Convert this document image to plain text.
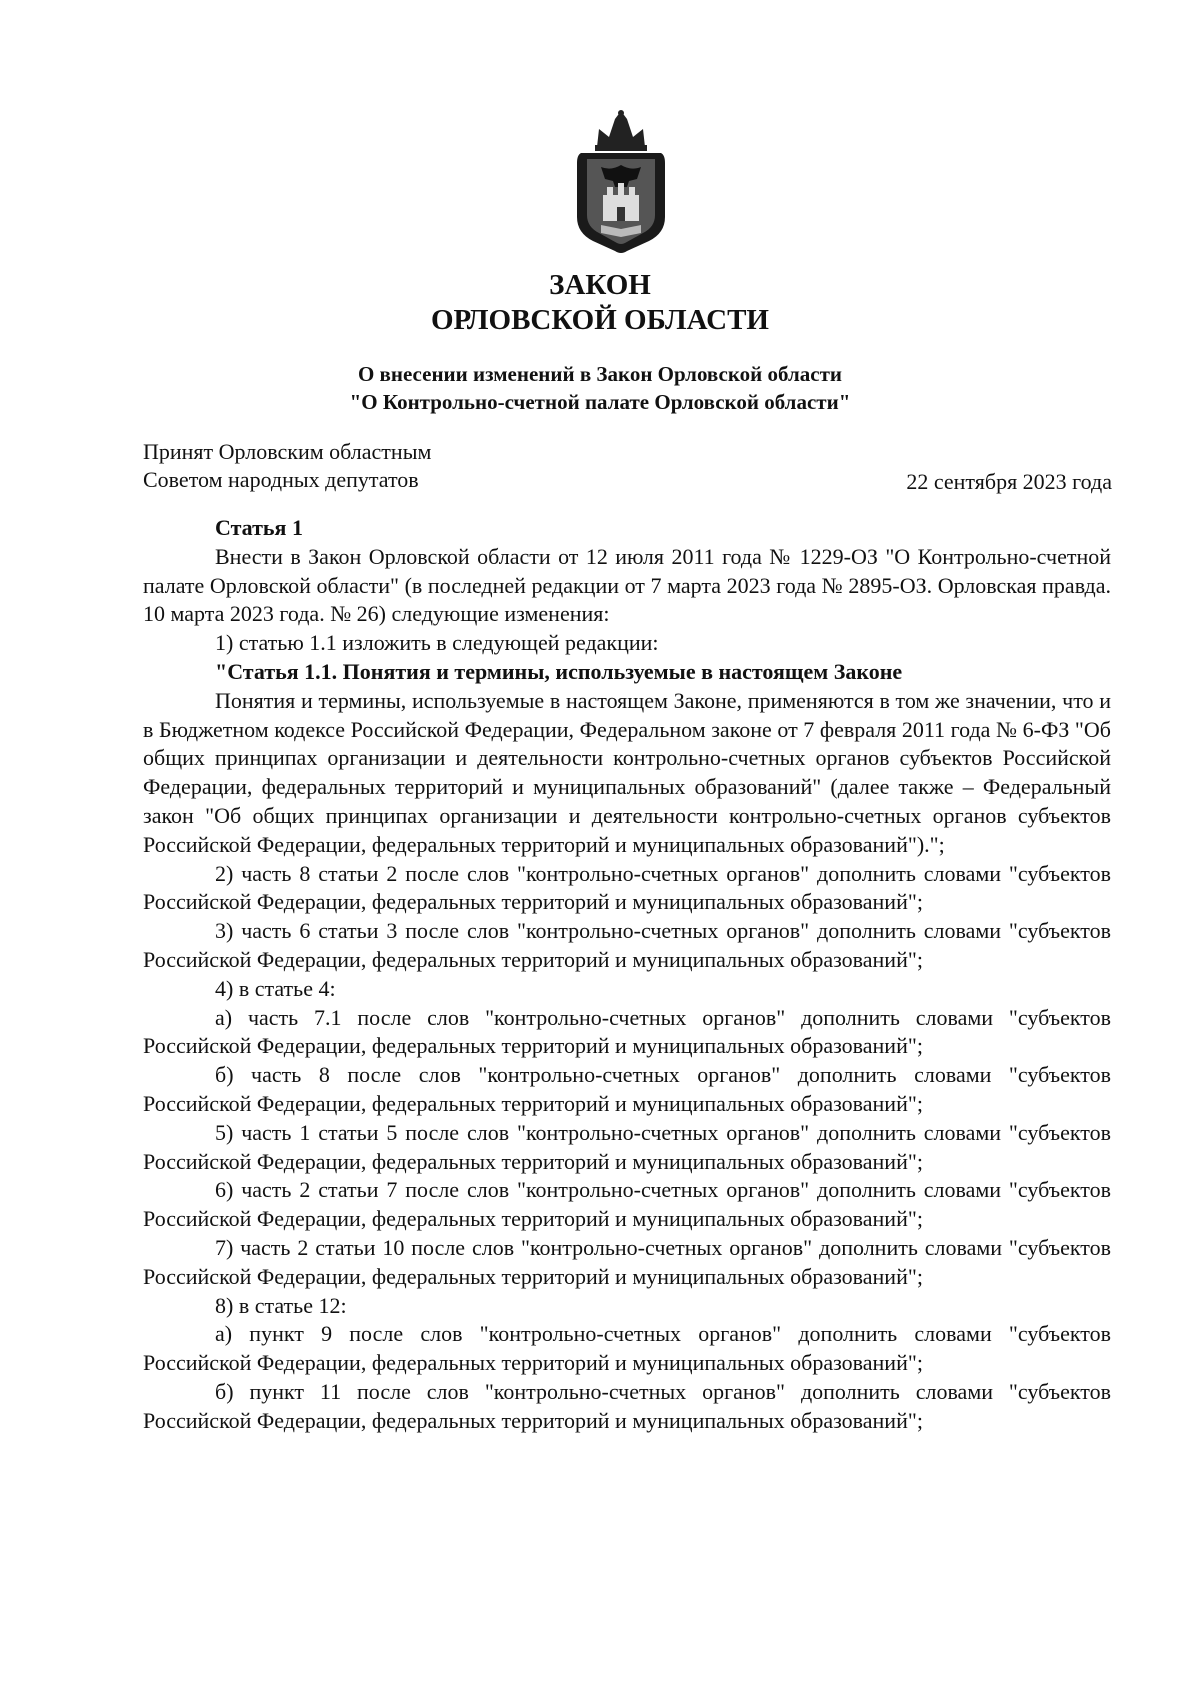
ЗАКОН
ОРЛОВСКОЙ ОБЛАСТИ
О внесении изменений в Закон Орловской области
"О Контрольно-счетной палате Орловской области"
Принят Орловским областным
Советом народных депутатов	22 сентября 2023 года

Статья 1

Внести в Закон Орловской области от 12 июля 2011 года № 1229-ОЗ "О Контрольно-счетной палате Орловской области" (в последней редакции от 7 марта 2023 года № 2895-ОЗ. Орловская правда. 10 марта 2023 года. № 26) следующие изменения:

1) статью 1.1 изложить в следующей редакции:

"Статья 1.1. Понятия и термины, используемые в настоящем Законе

Понятия и термины, используемые в настоящем Законе, применяются в том же значении, что и в Бюджетном кодексе Российской Федерации, Федеральном законе от 7 февраля 2011 года № 6-ФЗ "Об общих принципах организации и деятельности контрольно-счетных органов субъектов Российской Федерации, федеральных территорий и муниципальных образований" (далее также – Федеральный закон "Об общих принципах организации и деятельности контрольно-счетных органов субъектов Российской Федерации, федеральных территорий и муниципальных образований").";

2) часть 8 статьи 2 после слов "контрольно-счетных органов" дополнить словами "субъектов Российской Федерации, федеральных территорий и муниципальных образований";

3) часть 6 статьи 3 после слов "контрольно-счетных органов" дополнить словами "субъектов Российской Федерации, федеральных территорий и муниципальных образований";

4) в статье 4:

а) часть 7.1 после слов "контрольно-счетных органов" дополнить словами "субъектов Российской Федерации, федеральных территорий и муниципальных образований";

б) часть 8 после слов "контрольно-счетных органов" дополнить словами "субъектов Российской Федерации, федеральных территорий и муниципальных образований";

5) часть 1 статьи 5 после слов "контрольно-счетных органов" дополнить словами "субъектов Российской Федерации, федеральных территорий и муниципальных образований";

6) часть 2 статьи 7 после слов "контрольно-счетных органов" дополнить словами "субъектов Российской Федерации, федеральных территорий и муниципальных образований";

7) часть 2 статьи 10 после слов "контрольно-счетных органов" дополнить словами "субъектов Российской Федерации, федеральных территорий и муниципальных образований";

8) в статье 12:

а) пункт 9 после слов "контрольно-счетных органов" дополнить словами "субъектов Российской Федерации, федеральных территорий и муниципальных образований";

б) пункт 11 после слов "контрольно-счетных органов" дополнить словами "субъектов Российской Федерации, федеральных территорий и муниципальных образований";
